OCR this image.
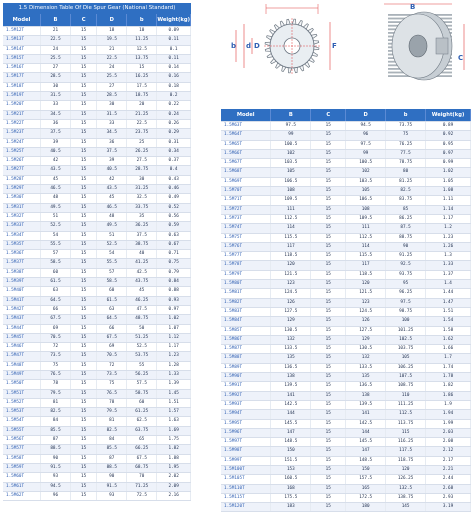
1.5 Dimension Table Of Die Spur Gear (National Standard)
Model	B	C	D	b	Weight(kg)
1.5M12T	21	15	18	10	0.09
1.5M13T	22.5	15	19.5	11.25	0.11
1.5M14T	24	15	21	12.5	0.1
1.5M15T	25.5	15	22.5	13.75	0.11
1.5M16T	27	15	24	15	0.14
1.5M17T	28.5	15	25.5	16.25	0.16
1.5M18T	30	15	27	17.5	0.18
1.5M19T	31.5	15	28.5	18.75	0.2
1.5M20T	33	15	30	20	0.22
1.5M21T	34.5	15	31.5	21.25	0.24
1.5M22T	36	15	33	22.5	0.26
1.5M23T	37.5	15	34.5	23.75	0.29
1.5M24T	39	15	36	25	0.31
1.5M25T	40.5	15	37.5	26.25	0.34
1.5M26T	42	15	39	27.5	0.37
1.5M27T	43.5	15	40.5	28.75	0.4
1.5M28T	45	15	42	30	0.43
1.5M29T	46.5	15	43.5	31.25	0.46
1.5M30T	48	15	45	32.5	0.49
1.5M31T	49.5	15	46.5	33.75	0.52
1.5M32T	51	15	48	35	0.56
1.5M33T	52.5	15	49.5	36.25	0.59
1.5M34T	54	15	51	37.5	0.63
1.5M35T	55.5	15	52.5	38.75	0.67
1.5M36T	57	15	54	40	0.71
1.5M37T	58.5	15	55.5	41.25	0.75
1.5M38T	60	15	57	42.5	0.79
1.5M39T	61.5	15	58.5	43.75	0.84
1.5M40T	63	15	60	45	0.88
1.5M41T	64.5	15	61.5	46.25	0.93
1.5M42T	66	15	63	47.5	0.97
1.5M43T	67.5	15	64.5	48.75	1.02
1.5M44T	69	15	66	50	1.07
1.5M45T	70.5	15	67.5	51.25	1.12
1.5M46T	72	15	69	52.5	1.17
1.5M47T	73.5	15	70.5	53.75	1.23
1.5M48T	75	15	72	55	1.28
1.5M49T	76.5	15	73.5	56.25	1.33
1.5M50T	78	15	75	57.5	1.39
1.5M51T	79.5	15	76.5	58.75	1.45
1.5M52T	81	15	78	60	1.51
1.5M53T	82.5	15	79.5	61.25	1.57
1.5M54T	84	15	81	62.5	1.63
1.5M55T	85.5	15	82.5	63.75	1.69
1.5M56T	87	15	84	65	1.75
1.5M57T	88.5	15	85.5	66.25	1.82
1.5M58T	90	15	87	67.5	1.88
1.5M59T	91.5	15	88.5	68.75	1.95
1.5M60T	93	15	90	70	2.02
1.5M61T	94.5	15	91.5	71.25	2.09
1.5M62T	96	15	93	72.5	2.16
b d D	F
B
C
Model	B	C	D	b	Weight(kg)
1.5M63T	97.5	15	94.5	73.75	0.89
1.5M64T	99	15	96	75	0.92
1.5M65T	100.5	15	97.5	76.25	0.95
1.5M66T	102	15	99	77.5	0.97
1.5M67T	103.5	15	100.5	78.75	0.99
1.5M68T	105	15	102	80	1.02
1.5M69T	106.5	15	103.5	81.25	1.05
1.5M70T	108	15	105	82.5	1.08
1.5M71T	109.5	15	106.5	83.75	1.11
1.5M72T	111	15	108	85	1.14
1.5M73T	112.5	15	109.5	86.25	1.17
1.5M74T	114	15	111	87.5	1.2
1.5M75T	115.5	15	112.5	88.75	1.23
1.5M76T	117	15	114	90	1.26
1.5M77T	118.5	15	115.5	91.25	1.3
1.5M78T	120	15	117	92.5	1.33
1.5M79T	121.5	15	118.5	93.75	1.37
1.5M80T	123	15	120	95	1.4
1.5M81T	124.5	15	121.5	96.25	1.44
1.5M82T	126	15	123	97.5	1.47
1.5M83T	127.5	15	124.5	98.75	1.51
1.5M84T	129	15	126	100	1.54
1.5M85T	130.5	15	127.5	101.25	1.58
1.5M86T	132	15	129	102.5	1.62
1.5M87T	133.5	15	130.5	103.75	1.66
1.5M88T	135	15	132	105	1.7
1.5M89T	136.5	15	133.5	106.25	1.74
1.5M90T	138	15	135	107.5	1.78
1.5M91T	139.5	15	136.5	108.75	1.82
1.5M92T	141	15	138	110	1.86
1.5M93T	142.5	15	139.5	111.25	1.9
1.5M94T	144	15	141	112.5	1.94
1.5M95T	145.5	15	142.5	113.75	1.99
1.5M96T	147	15	144	115	2.03
1.5M97T	148.5	15	145.5	116.25	2.08
1.5M98T	150	15	147	117.5	2.12
1.5M99T	151.5	15	148.5	118.75	2.17
1.5M100T	153	15	150	120	2.21
1.5M105T	160.5	15	157.5	126.25	2.44
1.5M110T	168	15	165	132.5	2.68
1.5M115T	175.5	15	172.5	138.75	2.93
1.5M120T	183	15	180	145	3.19
